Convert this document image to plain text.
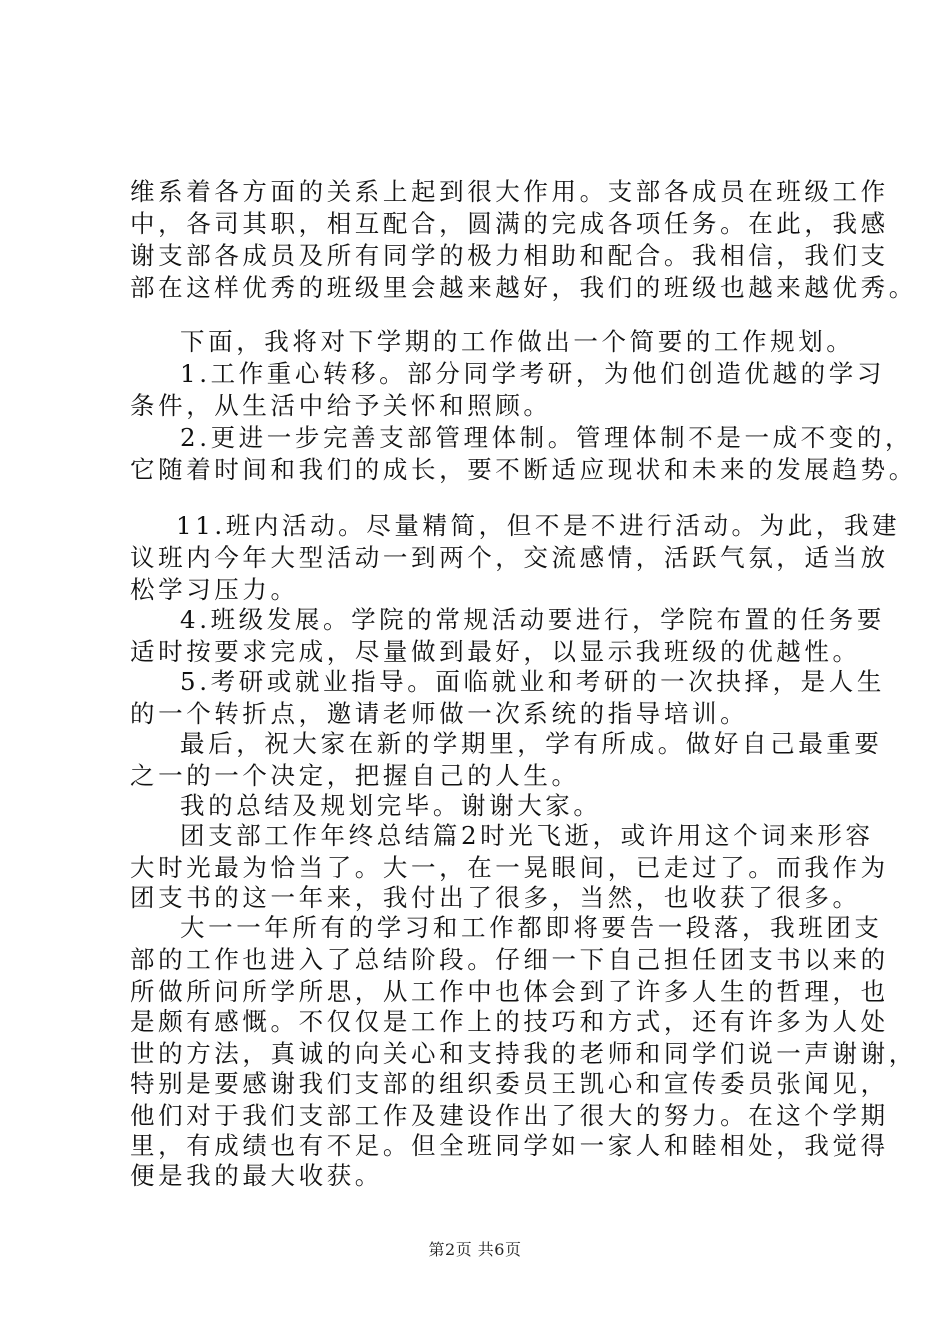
维系着各方面的关系上起到很大作用。支部各成员在班级工作
中，各司其职，相互配合，圆满的完成各项任务。在此，我感
谢支部各成员及所有同学的极力相助和配合。我相信，我们支
部在这样优秀的班级里会越来越好，我们的班级也越来越优秀。
下面，我将对下学期的工作做出一个简要的工作规划。
1.工作重心转移。部分同学考研，为他们创造优越的学习
条件，从生活中给予关怀和照顾。
2.更进一步完善支部管理体制。管理体制不是一成不变的，
它随着时间和我们的成长，要不断适应现状和未来的发展趋势。
11.班内活动。尽量精简，但不是不进行活动。为此，我建
议班内今年大型活动一到两个，交流感情，活跃气氛，适当放
松学习压力。
4.班级发展。学院的常规活动要进行，学院布置的任务要
适时按要求完成，尽量做到最好，以显示我班级的优越性。
5.考研或就业指导。面临就业和考研的一次抉择，是人生
的一个转折点，邀请老师做一次系统的指导培训。
最后，祝大家在新的学期里，学有所成。做好自己最重要
之一的一个决定，把握自己的人生。
我的总结及规划完毕。谢谢大家。
团支部工作年终总结篇2时光飞逝，或许用这个词来形容
大时光最为恰当了。大一，在一晃眼间，已走过了。而我作为
团支书的这一年来，我付出了很多，当然，也收获了很多。
大一一年所有的学习和工作都即将要告一段落，我班团支
部的工作也进入了总结阶段。仔细一下自己担任团支书以来的
所做所问所学所思，从工作中也体会到了许多人生的哲理，也
是颇有感慨。不仅仅是工作上的技巧和方式，还有许多为人处
世的方法，真诚的向关心和支持我的老师和同学们说一声谢谢，
特别是要感谢我们支部的组织委员王凯心和宣传委员张闻见，
他们对于我们支部工作及建设作出了很大的努力。在这个学期
里，有成绩也有不足。但全班同学如一家人和睦相处，我觉得
便是我的最大收获。
第2页 共6页
